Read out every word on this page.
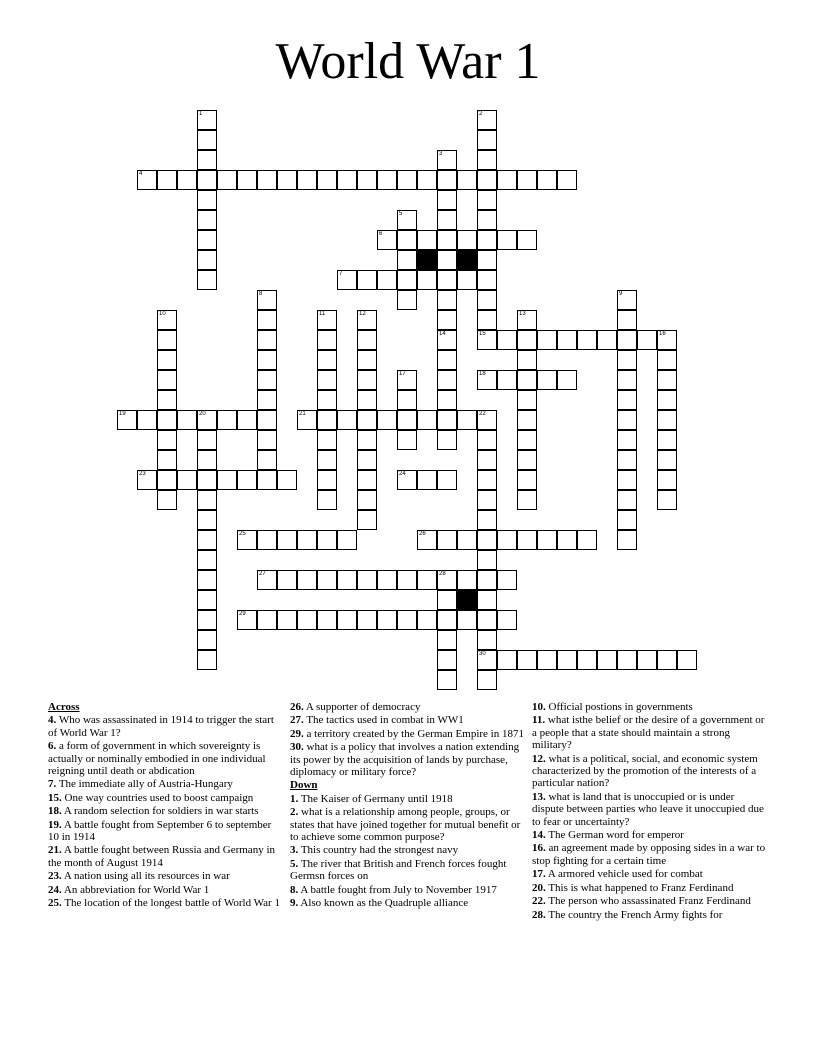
World War 1
4
6
7
15	16
18
19	20	21	22
23	24
25	26
27	28
29
30
1	2
3
14
5
8	9
10	11	12	13
17

Across

4. Who was assassinated in 1914 to trigger the start of World War 1?

6. a form of government in which sovereignty is actually or nominally embodied in one individual reigning until death or abdication

7. The immediate ally of Austria-Hungary

15. One way countries used to boost campaign

18. A random selection for soldiers in war starts

19. A battle fought from September 6 to september 10 in 1914

21. A battle fought between Russia and Germany in the month of August 1914

23. A nation using all its resources in war

24. An abbreviation for World War 1

25. The location of the longest battle of World War 1

26. A supporter of democracy

27. The tactics used in combat in WW1

29. a territory created by the German Empire in 1871

30. what is a policy that involves a nation extending its power by the acquisition of lands by purchase, diplomacy or military force?

Down

1. The Kaiser of Germany until 1918

2. what is a relationship among people, groups, or states that have joined together for mutual benefit or to achieve some common purpose?

3. This country had the strongest navy

5. The river that British and French forces fought Germsn forces on

8. A battle fought from July to November 1917

9. Also known as the Quadruple alliance

10. Official postions in governments

11. what isthe belief or the desire of a government or a people that a state should maintain a strong military?

12. what is a political, social, and economic system characterized by the promotion of the interests of a particular nation?

13. what is land that is unoccupied or is under dispute between parties who leave it unoccupied due to fear or uncertainty?

14. The German word for emperor

16. an agreement made by opposing sides in a war to stop fighting for a certain time

17. A armored vehicle used for combat

20. This is what happened to Franz Ferdinand

22. The person who assassinated Franz Ferdinand

28. The country the French Army fights for
